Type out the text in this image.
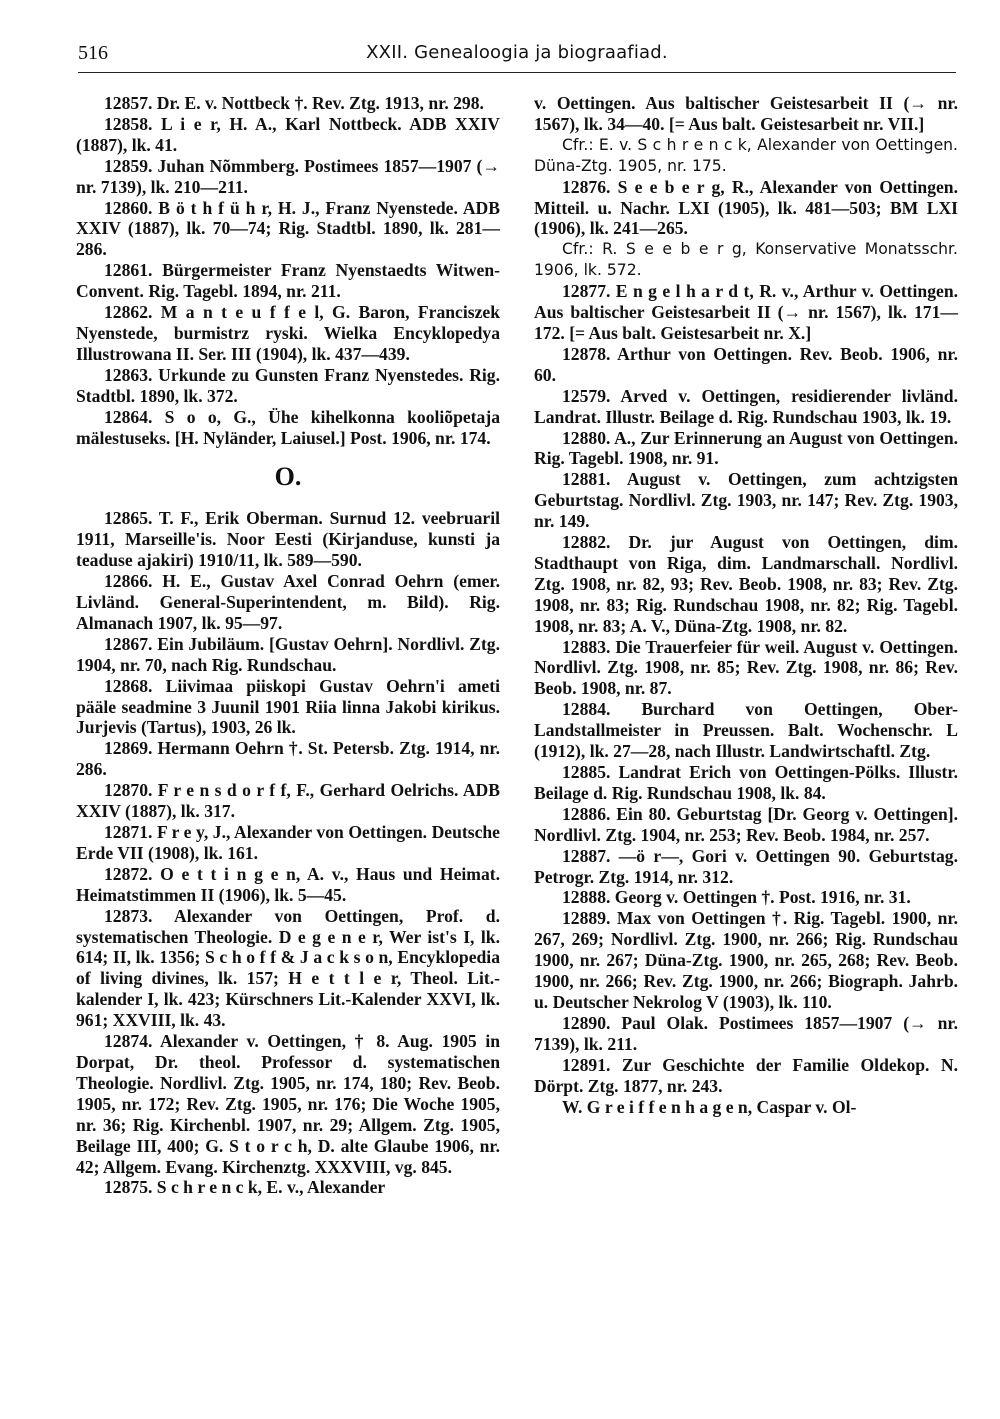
516	XXII. Genealoogia ja biograafiad.

12857. Dr. E. v. Nottbeck †. Rev. Ztg. 1913, nr. 298.

12858. L i e r, H. A., Karl Nottbeck. ADB XXIV (1887), lk. 41.

12859. Juhan Nõmmberg. Postimees 1857—1907 (→ nr. 7139), lk. 210—211.

12860. B ö t h f ü h r, H. J., Franz Nyenstede. ADB XXIV (1887), lk. 70—74; Rig. Stadtbl. 1890, lk. 281—286.

12861. Bürgermeister Franz Nyenstaedts Witwen-Convent. Rig. Tagebl. 1894, nr. 211.

12862. M a n t e u f f e l, G. Baron, Franciszek Nyenstede, burmistrz ryski. Wielka Encyklopedya Illustrowana II. Ser. III (1904), lk. 437—439.

12863. Urkunde zu Gunsten Franz Nyenstedes. Rig. Stadtbl. 1890, lk. 372.

12864. S o o, G., Ühe kihelkonna kooliõpetaja mälestuseks. [H. Nyländer, Laiusel.] Post. 1906, nr. 174.

O.

12865. T. F., Erik Oberman. Surnud 12. veebruaril 1911, Marseille'is. Noor Eesti (Kirjanduse, kunsti ja teaduse ajakiri) 1910/11, lk. 589—590.

12866. H. E., Gustav Axel Conrad Oehrn (emer. Livländ. General-Superintendent, m. Bild). Rig. Almanach 1907, lk. 95—97.

12867. Ein Jubiläum. [Gustav Oehrn]. Nordlivl. Ztg. 1904, nr. 70, nach Rig. Rundschau.

12868. Liivimaa piiskopi Gustav Oehrn'i ameti pääle seadmine 3 Juunil 1901 Riia linna Jakobi kirikus. Jurjevis (Tartus), 1903, 26 lk.

12869. Hermann Oehrn †. St. Petersb. Ztg. 1914, nr. 286.

12870. F r e n s d o r f f, F., Gerhard Oelrichs. ADB XXIV (1887), lk. 317.

12871. F r e y, J., Alexander von Oettingen. Deutsche Erde VII (1908), lk. 161.

12872. O e t t i n g e n, A. v., Haus und Heimat. Heimatstimmen II (1906), lk. 5—45.

12873. Alexander von Oettingen, Prof. d. systematischen Theologie. D e g e n e r, Wer ist's I, lk. 614; II, lk. 1356; S c h o f f & J a c k s o n, Encyklopedia of living divines, lk. 157; H e t t l e r, Theol. Lit.-kalender I, lk. 423; Kürschners Lit.-Kalender XXVI, lk. 961; XXVIII, lk. 43.

12874. Alexander v. Oettingen, † 8. Aug. 1905 in Dorpat, Dr. theol. Professor d. systematischen Theologie. Nordlivl. Ztg. 1905, nr. 174, 180; Rev. Beob. 1905, nr. 172; Rev. Ztg. 1905, nr. 176; Die Woche 1905, nr. 36; Rig. Kirchenbl. 1907, nr. 29; Allgem. Ztg. 1905, Beilage III, 400; G. S t o r c h, D. alte Glaube 1906, nr. 42; Allgem. Evang. Kirchenztg. XXXVIII, vg. 845.

12875. S c h r e n c k, E. v., Alexander

v. Oettingen. Aus baltischer Geistesarbeit II (→ nr. 1567), lk. 34—40. [= Aus balt. Geistesarbeit nr. VII.]

Cfr.: E. v. S c h r e n c k, Alexander von Oettingen. Düna-Ztg. 1905, nr. 175.

12876. S e e b e r g, R., Alexander von Oettingen. Mitteil. u. Nachr. LXI (1905), lk. 481—503; BM LXI (1906), lk. 241—265.

Cfr.: R. S e e b e r g, Konservative Monatsschr. 1906, lk. 572.

12877. E n g e l h a r d t, R. v., Arthur v. Oettingen. Aus baltischer Geistesarbeit II (→ nr. 1567), lk. 171—172. [= Aus balt. Geistesarbeit nr. X.]

12878. Arthur von Oettingen. Rev. Beob. 1906, nr. 60.

12579. Arved v. Oettingen, residierender livländ. Landrat. Illustr. Beilage d. Rig. Rundschau 1903, lk. 19.

12880. A., Zur Erinnerung an August von Oettingen. Rig. Tagebl. 1908, nr. 91.

12881. August v. Oettingen, zum achtzigsten Geburtstag. Nordlivl. Ztg. 1903, nr. 147; Rev. Ztg. 1903, nr. 149.

12882. Dr. jur August von Oettingen, dim. Stadthaupt von Riga, dim. Landmarschall. Nordlivl. Ztg. 1908, nr. 82, 93; Rev. Beob. 1908, nr. 83; Rev. Ztg. 1908, nr. 83; Rig. Rundschau 1908, nr. 82; Rig. Tagebl. 1908, nr. 83; A. V., Düna-Ztg. 1908, nr. 82.

12883. Die Trauerfeier für weil. August v. Oettingen. Nordlivl. Ztg. 1908, nr. 85; Rev. Ztg. 1908, nr. 86; Rev. Beob. 1908, nr. 87.

12884. Burchard von Oettingen, Ober-Landstallmeister in Preussen. Balt. Wochenschr. L (1912), lk. 27—28, nach Illustr. Landwirtschaftl. Ztg.

12885. Landrat Erich von Oettingen-Pölks. Illustr. Beilage d. Rig. Rundschau 1908, lk. 84.

12886. Ein 80. Geburtstag [Dr. Georg v. Oettingen]. Nordlivl. Ztg. 1904, nr. 253; Rev. Beob. 1984, nr. 257.

12887. —ö r—, Gori v. Oettingen 90. Geburtstag. Petrogr. Ztg. 1914, nr. 312.

12888. Georg v. Oettingen †. Post. 1916, nr. 31.

12889. Max von Oettingen †. Rig. Tagebl. 1900, nr. 267, 269; Nordlivl. Ztg. 1900, nr. 266; Rig. Rundschau 1900, nr. 267; Düna-Ztg. 1900, nr. 265, 268; Rev. Beob. 1900, nr. 266; Rev. Ztg. 1900, nr. 266; Biograph. Jahrb. u. Deutscher Nekrolog V (1903), lk. 110.

12890. Paul Olak. Postimees 1857—1907 (→ nr. 7139), lk. 211.

12891. Zur Geschichte der Familie Oldekop. N. Dörpt. Ztg. 1877, nr. 243.

W. G r e i f f e n h a g e n, Caspar v. Ol-
